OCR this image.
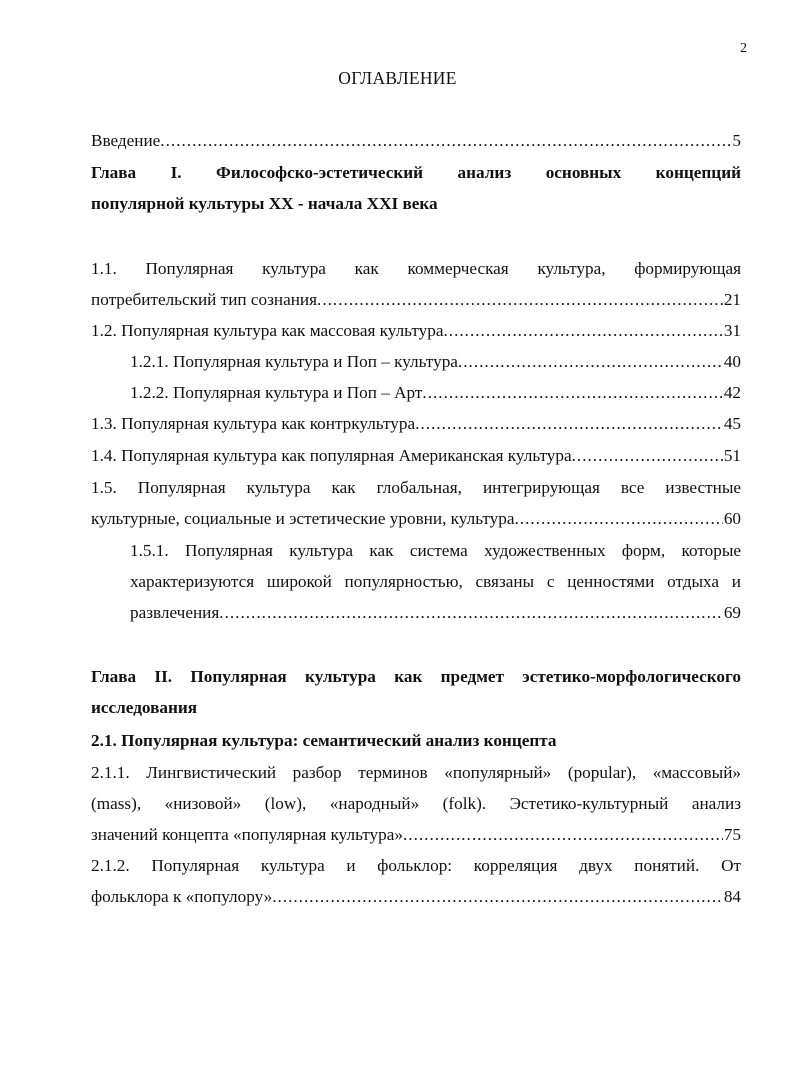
2
ОГЛАВЛЕНИЕ
Введение .....	5
Глава I. Философско-эстетический анализ основных концепций
популярной культуры XX - начала XXI века
1.1. Популярная культура как коммерческая культура, формирующая
потребительский тип сознания .....	21
1.2. Популярная культура как массовая культура .....	31
1.2.1. Популярная культура и Поп – культура .....	40
1.2.2. Популярная культура и Поп – Арт .....	42
1.3. Популярная культура как контркультура .....	45
1.4. Популярная культура как популярная Американская культура .....	51
1.5. Популярная культура как глобальная, интегрирующая все известные
культурные, социальные и эстетические уровни, культура .....	60
1.5.1. Популярная культура как система художественных форм, которые
характеризуются широкой популярностью, связаны с ценностями отдыха и
развлечения .....	69
Глава II. Популярная культура как предмет эстетико-морфологического
исследования
2.1. Популярная культура: семантический анализ концепта
2.1.1. Лингвистический разбор терминов «популярный» (popular), «массовый»
(mass), «низовой» (low), «народный» (folk). Эстетико-культурный анализ
значений концепта «популярная культура» .....	75
2.1.2. Популярная культура и фольклор: корреляция двух понятий. От
фольклора к «популору» .....	84
